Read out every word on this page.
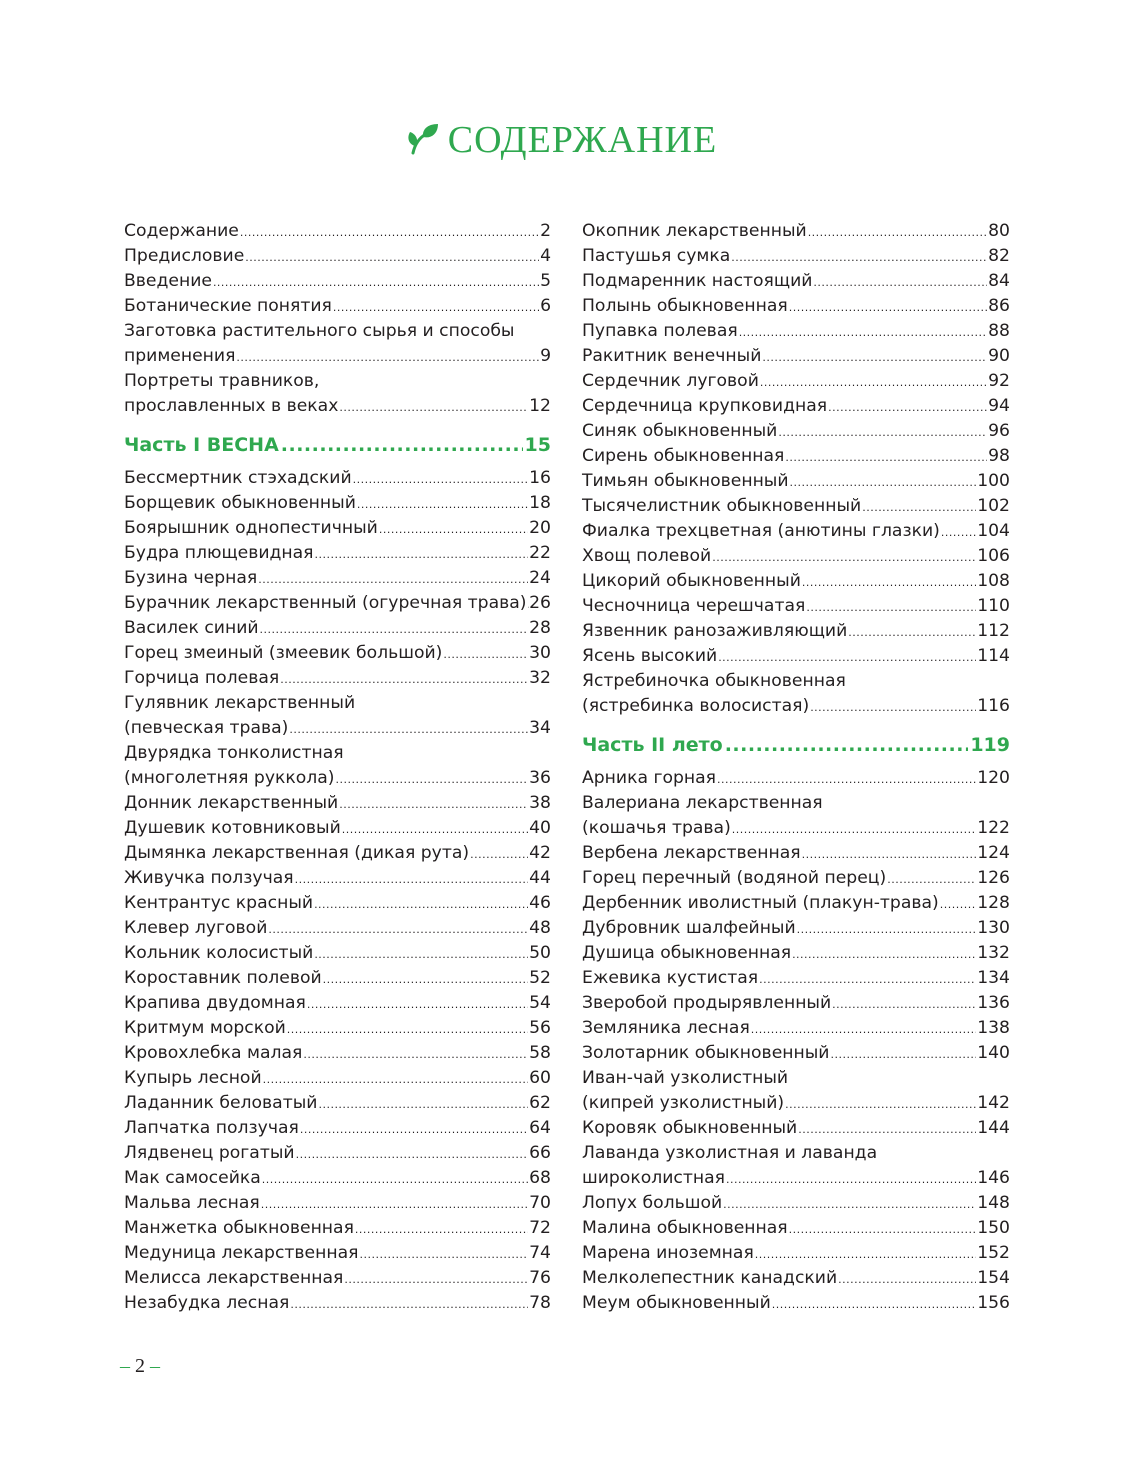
СОДЕРЖАНИЕ
Содержание .....	2
Предисловие .....	4
Введение .....	5
Ботанические понятия .....	6
Заготовка растительного сырья и способы
применения .....	9
Портреты травников,
прославленных в веках .....	12
Часть I ВЕСНА .....	15
Бессмертник стэхадский .....	16
Борщевик обыкновенный .....	18
Боярышник однопестичный .....	20
Будра плющевидная .....	22
Бузина черная .....	24
Бурачник лекарственный (огуречная трава) ..... 26
Василек синий .....	28
Горец змеиный (змеевик большой) .....	30
Горчица полевая .....	32
Гулявник лекарственный
(певческая трава) .....	34
Двурядка тонколистная
(многолетняя руккола) .....	36
Донник лекарственный .....	38
Душевик котовниковый .....	40
Дымянка лекарственная (дикая рута) .....	42
Живучка ползучая .....	44
Кентрантус красный .....	46
Клевер луговой .....	48
Кольник колосистый .....	50
Короставник полевой .....	52
Крапива двудомная .....	54
Критмум морской .....	56
Кровохлебка малая .....	58
Купырь лесной .....	60
Ладанник беловатый .....	62
Лапчатка ползучая .....	64
Лядвенец рогатый .....	66
Мак самосейка .....	68
Мальва лесная .....	70
Манжетка обыкновенная .....	72
Медуница лекарственная .....	74
Мелисса лекарственная .....	76
Незабудка лесная .....	78
Окопник лекарственный .....	80
Пастушья сумка .....	82
Подмаренник настоящий .....	84
Полынь обыкновенная .....	86
Пупавка полевая .....	88
Ракитник венечный .....	90
Сердечник луговой .....	92
Сердечница крупковидная .....	94
Синяк обыкновенный .....	96
Сирень обыкновенная .....	98
Тимьян обыкновенный .....	100
Тысячелистник обыкновенный .....	102
Фиалка трехцветная (анютины глазки) ..... 104
Хвощ полевой .....	106
Цикорий обыкновенный .....	108
Чесночница черешчатая .....	110
Язвенник ранозаживляющий .....	112
Ясень высокий .....	114
Ястребиночка обыкновенная
(ястребинка волосистая) .....	116
Часть II лето .....	119
Арника горная .....	120
Валериана лекарственная
(кошачья трава) .....	122
Вербена лекарственная .....	124
Горец перечный (водяной перец) .....	126
Дербенник иволистный (плакун-трава) ..... 128
Дубровник шалфейный .....	130
Душица обыкновенная .....	132
Ежевика кустистая .....	134
Зверобой продырявленный .....	136
Земляника лесная .....	138
Золотарник обыкновенный .....	140
Иван-чай узколистный
(кипрей узколистный) .....	142
Коровяк обыкновенный .....	144
Лаванда узколистная и лаванда
широколистная .....	146
Лопух большой .....	148
Малина обыкновенная .....	150
Марена иноземная .....	152
Мелколепестник канадский .....	154
Меум обыкновенный .....	156
– 2 –
